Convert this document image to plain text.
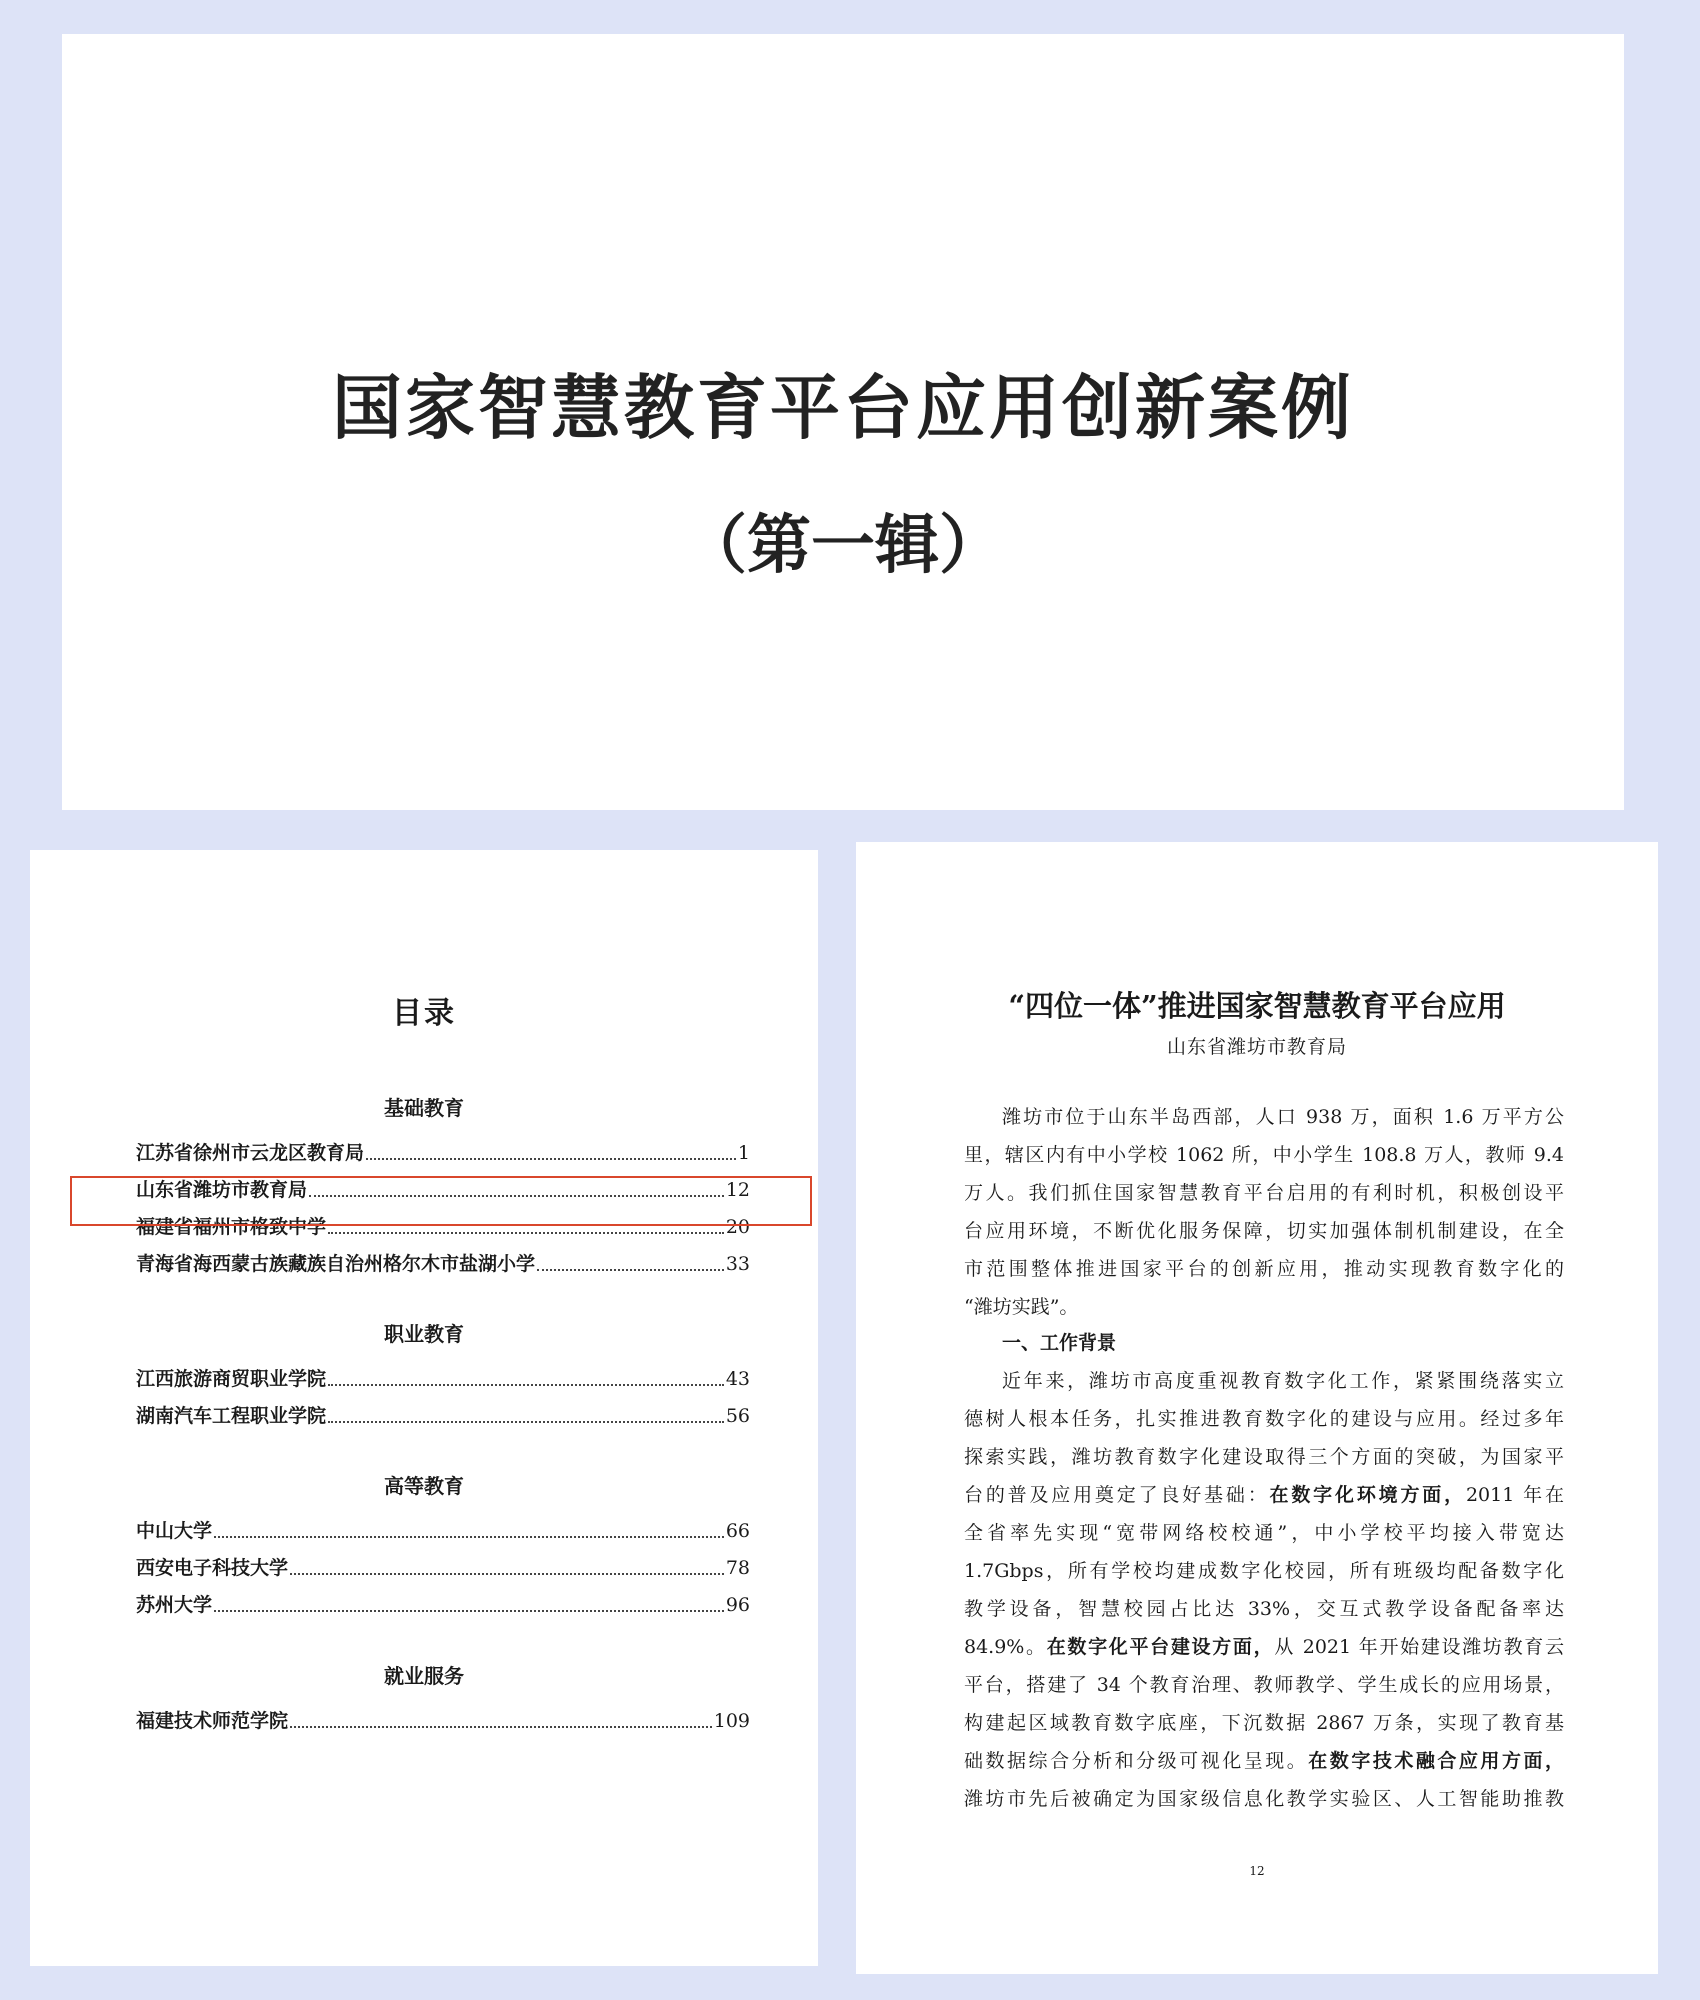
国家智慧教育平台应用创新案例
（第一辑）
目录
基础教育
江苏省徐州市云龙区教育局	1
山东省潍坊市教育局	12
福建省福州市格致中学	20
青海省海西蒙古族藏族自治州格尔木市盐湖小学	33
职业教育
江西旅游商贸职业学院	43
湖南汽车工程职业学院	56
高等教育
中山大学	66
西安电子科技大学	78
苏州大学	96
就业服务
福建技术师范学院	109
“四位一体”推进国家智慧教育平台应用
山东省潍坊市教育局
潍坊市位于山东半岛西部，人口 938 万，面积 1.6 万平方公
里，辖区内有中小学校 1062 所，中小学生 108.8 万人，教师 9.4
万人。我们抓住国家智慧教育平台启用的有利时机，积极创设平
台应用环境，不断优化服务保障，切实加强体制机制建设，在全
市范围整体推进国家平台的创新应用，推动实现教育数字化的
“潍坊实践”。
一、工作背景
近年来，潍坊市高度重视教育数字化工作，紧紧围绕落实立
德树人根本任务，扎实推进教育数字化的建设与应用。经过多年
探索实践，潍坊教育数字化建设取得三个方面的突破，为国家平
台的普及应用奠定了良好基础：在数字化环境方面，2011 年在
全省率先实现“宽带网络校校通”，中小学校平均接入带宽达
1.7Gbps，所有学校均建成数字化校园，所有班级均配备数字化
教学设备，智慧校园占比达 33%，交互式教学设备配备率达
84.9%。在数字化平台建设方面，从 2021 年开始建设潍坊教育云
平台，搭建了 34 个教育治理、教师教学、学生成长的应用场景，
构建起区域教育数字底座，下沉数据 2867 万条，实现了教育基
础数据综合分析和分级可视化呈现。在数字技术融合应用方面，
潍坊市先后被确定为国家级信息化教学实验区、人工智能助推教
12
